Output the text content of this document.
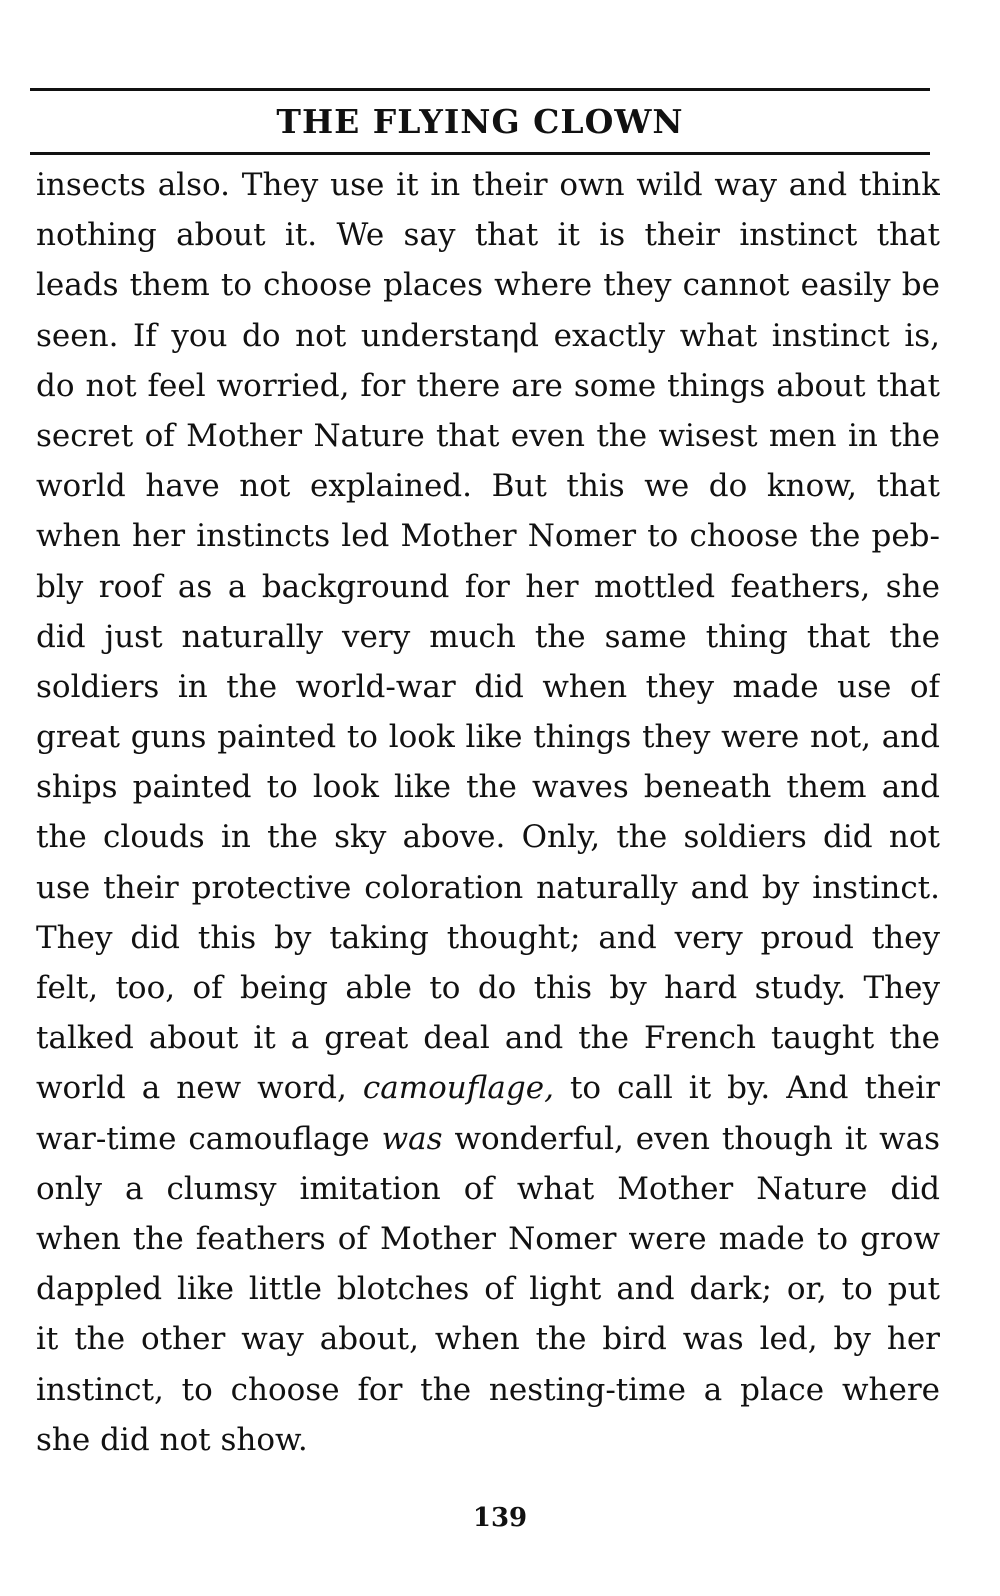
THE FLYING CLOWN
insects also. They use it in their own wild way and think
nothing about it. We say that it is their instinct that
leads them to choose places where they cannot easily be
seen. If you do not understaηd exactly what instinct is,
do not feel worried, for there are some things about that
secret of Mother Nature that even the wisest men in the
world have not explained. But this we do know, that
when her instincts led Mother Nomer to choose the peb-
bly roof as a background for her mottled feathers, she
did just naturally very much the same thing that the
soldiers in the world-war did when they made use of
great guns painted to look like things they were not, and
ships painted to look like the waves beneath them and
the clouds in the sky above. Only, the soldiers did not
use their protective coloration naturally and by instinct.
They did this by taking thought; and very proud they
felt, too, of being able to do this by hard study. They
talked about it a great deal and the French taught the
world a new word, camouflage, to call it by. And their
war-time camouflage was wonderful, even though it was
only a clumsy imitation of what Mother Nature did
when the feathers of Mother Nomer were made to grow
dappled like little blotches of light and dark; or, to put
it the other way about, when the bird was led, by her
instinct, to choose for the nesting-time a place where
she did not show.
139
